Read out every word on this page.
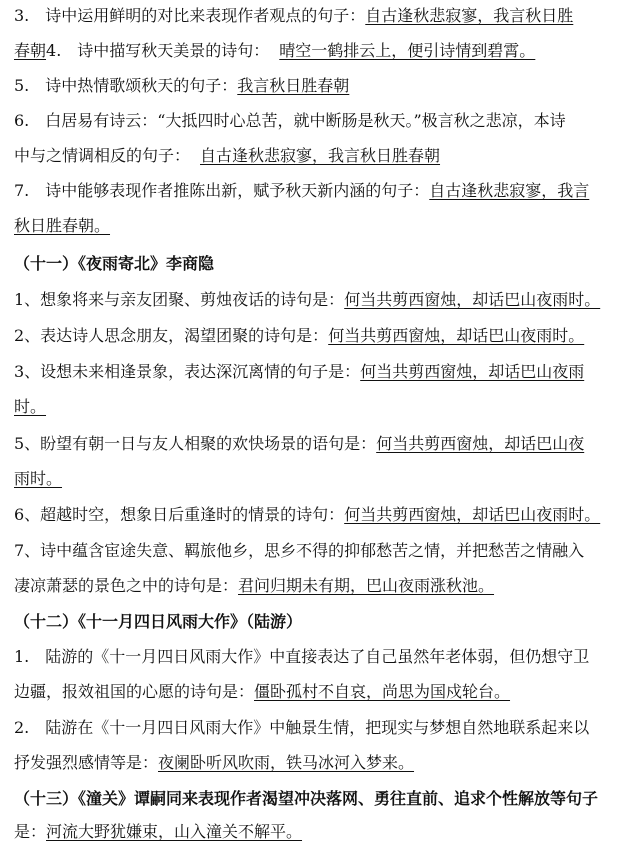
3.　诗中运用鲜明的对比来表现作者观点的句子：自古逢秋悲寂寥，我言秋日胜
春朝4.　诗中描写秋天美景的诗句： 晴空一鹤排云上，便引诗情到碧霄。
5.　诗中热情歌颂秋天的句子：我言秋日胜春朝
6.　白居易有诗云：“大抵四时心总苦，就中断肠是秋天。”极言秋之悲凉，本诗
中与之情调相反的句子： 自古逢秋悲寂寥，我言秋日胜春朝
7.　诗中能够表现作者推陈出新，赋予秋天新内涵的句子：自古逢秋悲寂寥，我言
秋日胜春朝。
（十一）《夜雨寄北》李商隐
1、想象将来与亲友团聚、剪烛夜话的诗句是：何当共剪西窗烛，却话巴山夜雨时。
2、表达诗人思念朋友，渴望团聚的诗句是：何当共剪西窗烛，却话巴山夜雨时。
3、设想未来相逢景象，表达深沉离情的句子是：何当共剪西窗烛，却话巴山夜雨
时。
5、盼望有朝一日与友人相聚的欢快场景的语句是：何当共剪西窗烛，却话巴山夜
雨时。
6、超越时空，想象日后重逢时的情景的诗句：何当共剪西窗烛，却话巴山夜雨时。
7、诗中蕴含宦途失意、羁旅他乡，思乡不得的抑郁愁苦之情，并把愁苦之情融入
凄凉萧瑟的景色之中的诗句是：君问归期未有期，巴山夜雨涨秋池。
（十二）《十一月四日风雨大作》（陆游）
1.　陆游的《十一月四日风雨大作》中直接表达了自己虽然年老体弱，但仍想守卫
边疆，报效祖国的心愿的诗句是：僵卧孤村不自哀，尚思为国戍轮台。
2.　陆游在《十一月四日风雨大作》中触景生情，把现实与梦想自然地联系起来以
抒发强烈感情等是：夜阑卧听风吹雨，铁马冰河入梦来。
（十三）《潼关》谭嗣同来表现作者渴望冲决落网、勇往直前、追求个性解放等句子
是：河流大野犹嫌束，山入潼关不解平。
